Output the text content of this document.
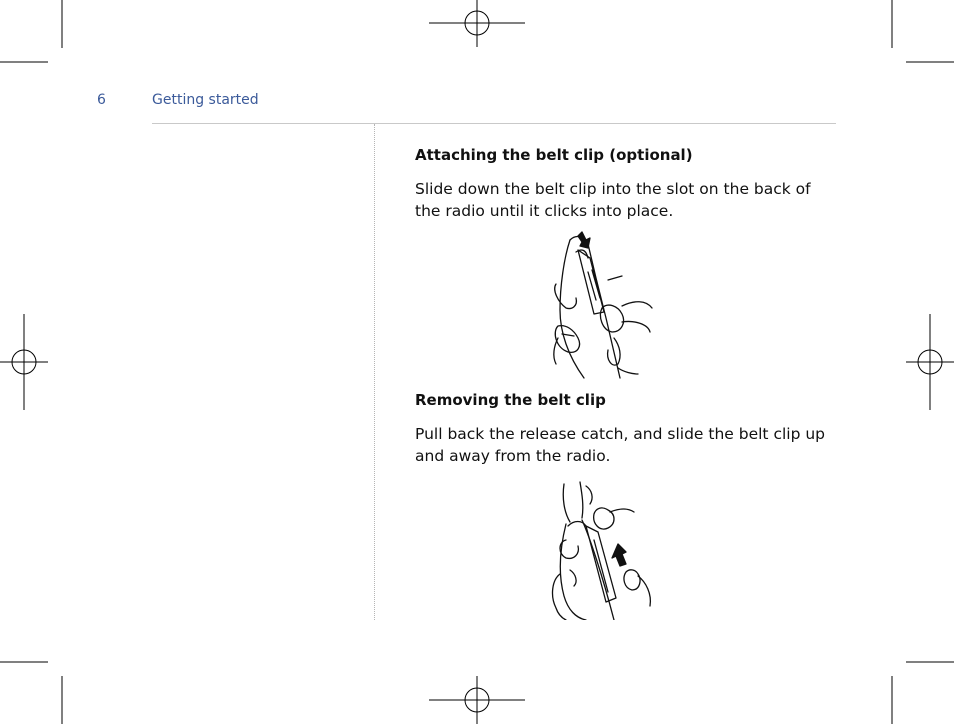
6	Getting started
Attaching the belt clip (optional)
Slide down the belt clip into the slot on the back of the radio until it clicks into place.
Removing the belt clip
Pull back the release catch, and slide the belt clip up and away from the radio.
